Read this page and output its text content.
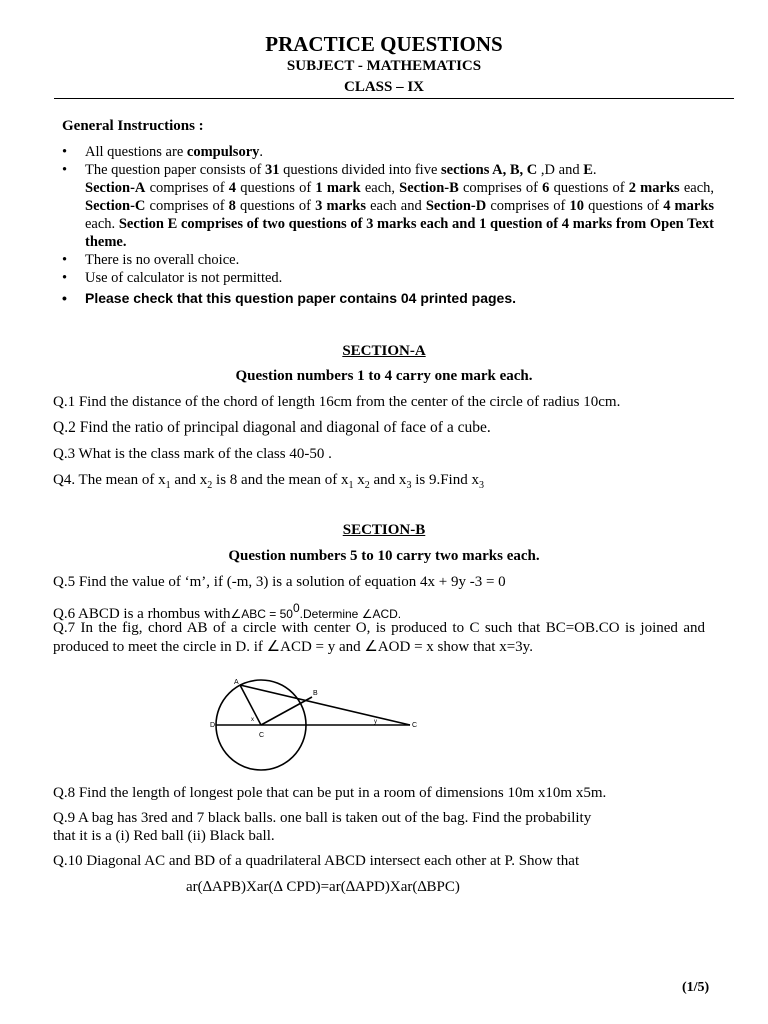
PRACTICE QUESTIONS
SUBJECT - MATHEMATICS
CLASS – IX
General Instructions :
• All questions are compulsory.
• The question paper consists of 31 questions divided into five sections A, B, C ,D and E.
Section-A comprises of 4 questions of 1 mark each, Section-B comprises of 6 questions of 2 marks each, Section-C comprises of 8 questions of 3 marks each and Section-D comprises of 10 questions of 4 marks each. Section E comprises of two questions of 3 marks each and 1 question of 4 marks from Open Text theme.
• There is no overall choice.
• Use of calculator is not permitted.
• Please check that this question paper contains 04 printed pages.
SECTION-A
Question numbers 1 to 4 carry one mark each.
Q.1 Find the distance of the chord of length 16cm from the center of the circle of radius 10cm.
Q.2 Find the ratio of principal diagonal and diagonal of face of a cube.
Q.3 What is the class mark of the class 40-50 .
Q4. The mean of $x_1$ and $x_2$ is 8 and the mean of $x_1$ $x_2$ and $x_3$ is 9.Find $x_3$
SECTION-B
Question numbers 5 to 10 carry two marks each.
Q.5 Find the value of ‘m’, if (-m, 3) is a solution of equation 4x + 9y -3 = 0
Q.6 ABCD is a rhombus with∠ABC = $50^0.Determine$ ∠ACD.
Q.7 In the fig, chord AB of a circle with center O, is produced to C such that BC=OB.CO is joined and produced to meet the circle in D. if ∠ACD = y and ∠AOD = x show that x=3y.
A
B
C
D
C
x	y
Q.8 Find the length of longest pole that can be put in a room of dimensions 10m x10m x5m.
Q.9 A bag has 3red and 7 black balls. one ball is taken out of the bag. Find the probability
that it is a (i) Red ball (ii) Black ball.
Q.10 Diagonal AC and BD of a quadrilateral ABCD intersect each other at P. Show that
ar(∆APB)Xar(∆ CPD)=ar(∆APD)Xar(∆BPC)
(1/5)
